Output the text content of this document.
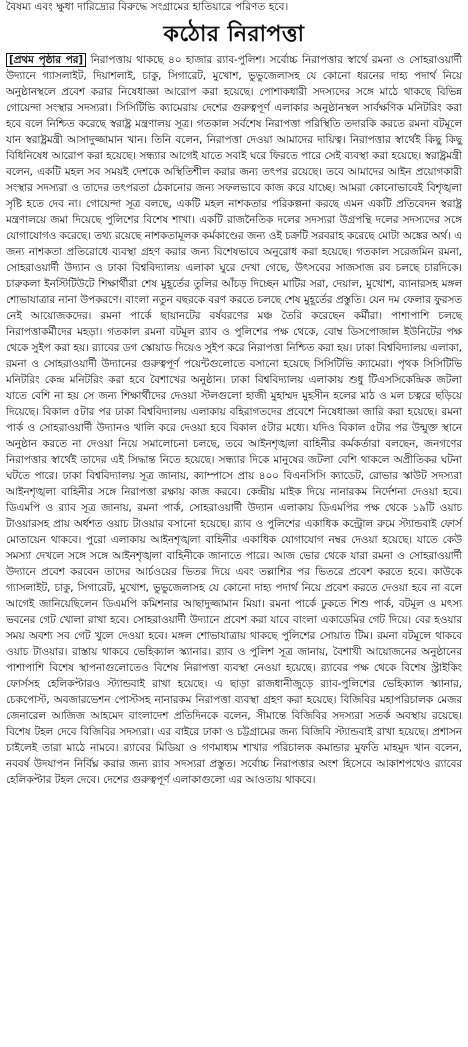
বৈষম্য এবং ক্ষুধা দারিদ্র্যের বিরুদ্ধে সংগ্রামের হাতিয়ারে পরিণত হবে।
কঠোর নিরাপত্তা

[প্রথম পৃষ্ঠার পর] নিরাপত্তায় থাকছে ৪০ হাজার র‌্যাব-পুলিশ। সর্বোচ্চ নিরাপত্তার স্বার্থে রমনা ও সোহরাওয়ার্দী উদ্যানে গ্যাসলাইট, দিয়াশলাই, চাকু, সিগারেট, মুখোশ, ভুভুজেলাসহ যে কোনো ধরনের দাহ্য পদার্থ নিয়ে অনুষ্ঠানস্থলে প্রবেশ করার নিষেধাজ্ঞা আরোপ করা হয়েছে। পোশাকধারী সদস্যদের সঙ্গে মাঠে থাকছে বিভিন্ন গোয়েন্দা সংস্থার সদস্যরা। সিসিটিভি ক্যামেরায় দেশের গুরুত্বপূর্ণ এলাকার অনুষ্ঠানস্থল সার্বক্ষণিক মনিটরিং করা হবে বলে নিশ্চিত করেছে স্বরাষ্ট্র মন্ত্রণালয় সূত্র। গতকাল সর্বশেষ নিরাপত্তা পরিস্থিতি তদারকি করতে রমনা বটমূলে যান স্বরাষ্ট্রমন্ত্রী আসাদুজ্জামান খান। তিনি বলেন, নিরাপত্তা দেওয়া আমাদের দায়িত্ব। নিরাপত্তার স্বার্থেই কিছু কিছু বিধিনিষেধ আরোপ করা হয়েছে। সন্ধ্যার আগেই যাতে সবাই ঘরে ফিরতে পারে সেই ব্যবস্থা করা হয়েছে। স্বরাষ্ট্রমন্ত্রী বলেন, একটি মহল সব সময়ই দেশকে অস্থিতিশীল করার জন্য তৎপর রয়েছে। তবে আমাদের আইন প্রয়োগকারী সংস্থার সদস্যরা ও তাদের তৎপরতা ঠেকানোর জন্য সফলভাবে কাজ করে যাচ্ছে। আমরা কোনোভাবেই বিশৃঙ্খলা সৃষ্টি হতে দেব না। গোয়েন্দা সূত্র বলছে, একটি মহল নাশকতার পরিকল্পনা করছে এমন একটি প্রতিবেদন স্বরাষ্ট্র মন্ত্রণালয়ে জমা দিয়েছে পুলিশের বিশেষ শাখা। একটি রাজনৈতিক দলের সদস্যরা উগ্রপন্থি দলের সদস্যদের সঙ্গে যোগাযোগও করেছে। তথ্য রয়েছে নাশকতামূলক কর্মকাণ্ডের জন্য ওই চক্রটি সরবরাহ করেছে মোটা অঙ্কের অর্থ। এ জন্য নাশকতা প্রতিরোধে ব্যবস্থা গ্রহণ করার জন্য বিশেষভাবে অনুরোধ করা হয়েছে। গতকাল সরেজমিন রমনা, সোহরাওয়ার্দী উদ্যান ও ঢাকা বিশ্ববিদ্যালয় এলাকা ঘুরে দেখা গেছে, উৎসবের সাজসাজ রব চলছে চারদিকে। চারুকলা ইনস্টিটিউটে শিক্ষার্থীরা শেষ মুহূর্তের তুলির আঁচড় দিচ্ছেন মাটির সরা, দেয়াল, মুখোশ, ব্যানারসহ মঙ্গল শোভাযাত্রার নানা উপকরণে। বাংলা নতুন বছরকে বরণ করতে চলছে শেষ মুহূর্তের প্রস্তুতি। যেন দম ফেলার ফুরসত নেই আয়োজকদের। রমনা পার্কে ছায়ানটের বর্ষবরণের মঞ্চ তৈরি করেছেন কর্মীরা। পাশাপাশি চলছে নিরাপত্তাকর্মীদের মহড়া। গতকাল রমনা বটমূল র‌্যাব ও পুলিশের পক্ষ থেকে, বোম্ব ডিসপোজাল ইউনিটের পক্ষ থেকে সুইপ করা হয়। র‌্যাবের ডগ স্কোয়াড দিয়েও সুইপ করে নিরাপত্তা নিশ্চিত করা হয়। ঢাকা বিশ্ববিদ্যালয় এলাকা, রমনা ও সোহরাওয়ার্দী উদ্যানের গুরুত্বপূর্ণ পয়েন্টগুলোতে বসানো হয়েছে সিসিটিভি ক্যামেরা। পৃথক সিসিটিভি মনিটরিং কেন্দ্র মনিটরিং করা হবে বৈশাখের অনুষ্ঠান। ঢাকা বিশ্ববিদ্যালয় এলাকায় শুধু টিএসসিকেন্দ্রিক জটলা যাতে বেশি না হয় সে জন্য শিক্ষার্থীদের দেওয়া স্টলগুলো হাজী মুহাম্মদ মুহসীন হলের মাঠ ও মল চত্বরে ছড়িয়ে দিয়েছে। বিকাল ৫টার পর ঢাকা বিশ্ববিদ্যালয় এলাকায় বহিরাগতদের প্রবেশে নিষেধাজ্ঞা জারি করা হয়েছে। রমনা পার্ক ও সোহরাওয়ার্দী উদ্যানও খালি করে দেওয়া হবে বিকাল ৫টার মধ্যে। যদিও বিকাল ৫টার পর উন্মুক্ত স্থানে অনুষ্ঠান করতে না দেওয়া নিয়ে সমালোচনা চলছে, তবে আইনশৃঙ্খলা বাহিনীর কর্মকর্তারা বলছেন, জনগণের নিরাপত্তার স্বার্থেই তাদের এই সিদ্ধান্ত নিতে হয়েছে। সন্ধ্যার দিকে মানুষের জটলা বেশি থাকলে অপ্রীতিকর ঘটনা ঘটতে পারে। ঢাকা বিশ্ববিদ্যালয় সূত্র জানায়, ক্যাম্পাসে প্রায় ৪০০ বিএনসিসি ক্যাডেট, রোভার স্কাউট সদস্যরা আইনশৃঙ্খলা বাহিনীর সঙ্গে নিরাপত্তা রক্ষায় কাজ করবে। কেন্দ্রীয় মাইক দিয়ে নানারকম নির্দেশনা দেওয়া হবে। ডিএমপি ও র‌্যাব সূত্র জানায়, রমনা পার্ক, সোহরাওয়ার্দী উদ্যান এলাকায় ডিএমপির পক্ষ থেকে ১৯টি ওয়াচ টাওয়ারসহ প্রায় অর্ধশত ওয়াচ টাওয়ার বসানো হয়েছে। র‌্যাব ও পুলিশের একাধিক কন্ট্রোল রুমে স্ট্যান্ডবাই ফোর্স মোতায়েন থাকবে। পুরো এলাকায় আইনশৃঙ্খলা বাহিনীর একাধিক যোগাযোগ নম্বর দেওয়া হয়েছে। যাতে কেউ সমস্যা দেখলে সঙ্গে সঙ্গে আইনশৃঙ্খলা বাহিনীকে জানাতে পারে। আজ ভোর থেকে যারা রমনা ও সোহরাওয়ার্দী উদ্যানে প্রবেশ করবেন তাদের আর্চওয়ের ভিতর দিয়ে এবং তল্লাশির পর ভিতরে প্রবেশ করতে হবে। কাউকে গ্যাসলাইট, চাকু, সিগারেট, মুখোশ, ভুভুজেলাসহ যে কোনো দাহ্য পদার্থ নিয়ে প্রবেশ করতে দেওয়া হবে না বলে আগেই জানিয়েছিলেন ডিএমপি কমিশনার আছাদুজ্জামান মিয়া। রমনা পার্কে ঢুকতে শিশু পার্ক, বটমূল ও মৎস্য ভবনের গেট খোলা রাখা হবে। সোহরাওয়ার্দী উদ্যানে প্রবেশ করা যাবে বাংলা একাডেমির গেট দিয়ে। বের হওয়ার সময় অবশ্য সব গেট খুলে দেওয়া হবে। মঙ্গল শোভাযাত্রায় থাকছে পুলিশের সোয়াত টিম। রমনা বটমূলে থাকবে ওয়াচ টাওয়ার। রাস্তায় থাকবে ভেহিক্যাল স্ক্যানার। র‌্যাব ও পুলিশ সূত্র জানায়, বৈশাখী আয়োজনের অনুষ্ঠানের পাশাপাশি বিশেষ স্থাপনাগুলোতেও বিশেষ নিরাপত্তা ব্যবস্থা নেওয়া হয়েছে। র‌্যাবের পক্ষ থেকে বিশেষ স্ট্রাইকিং ফোর্সসহ হেলিকপ্টারও স্ট্যান্ডবাই রাখা হয়েছে। এ ছাড়া রাজধানীজুড়ে র‌্যাব-পুলিশের ভেহিক্যাল স্ক্যানার, চেকপোস্ট, অবজারভেশন পোস্টসহ নানারকম নিরাপত্তা ব্যবস্থা গ্রহণ করা হয়েছে। বিজিবির মহাপরিচালক মেজর জেনারেল আজিজ আহমেদ বাংলাদেশ প্রতিদিনকে বলেন, সীমান্তে বিজিবির সদস্যরা সতর্ক অবস্থায় রয়েছে। বিশেষ টহল দেবে বিজিবির সদস্যরা। এর বাইরে ঢাকা ও চট্টগ্রামের জন্য বিজিবি স্ট্যান্ডবাই রাখা হয়েছে। প্রশাসন চাইলেই তারা মাঠে নামবে। র‌্যাবের মিডিয়া ও গণমাধ্যম শাখার পরিচালক কমান্ডার মুফতি মাহমুদ খান বলেন, নববর্ষ উদযাপন নির্বিঘ্ন করার জন্য র‌্যাব সদস্যরা প্রস্তুত। সর্বোচ্চ নিরাপত্তার অংশ হিসেবে আকাশপথেও র‌্যাবের হেলিকপ্টার টহল দেবে। দেশের গুরুত্বপূর্ণ এলাকাগুলো এর আওতায় থাকবে।
